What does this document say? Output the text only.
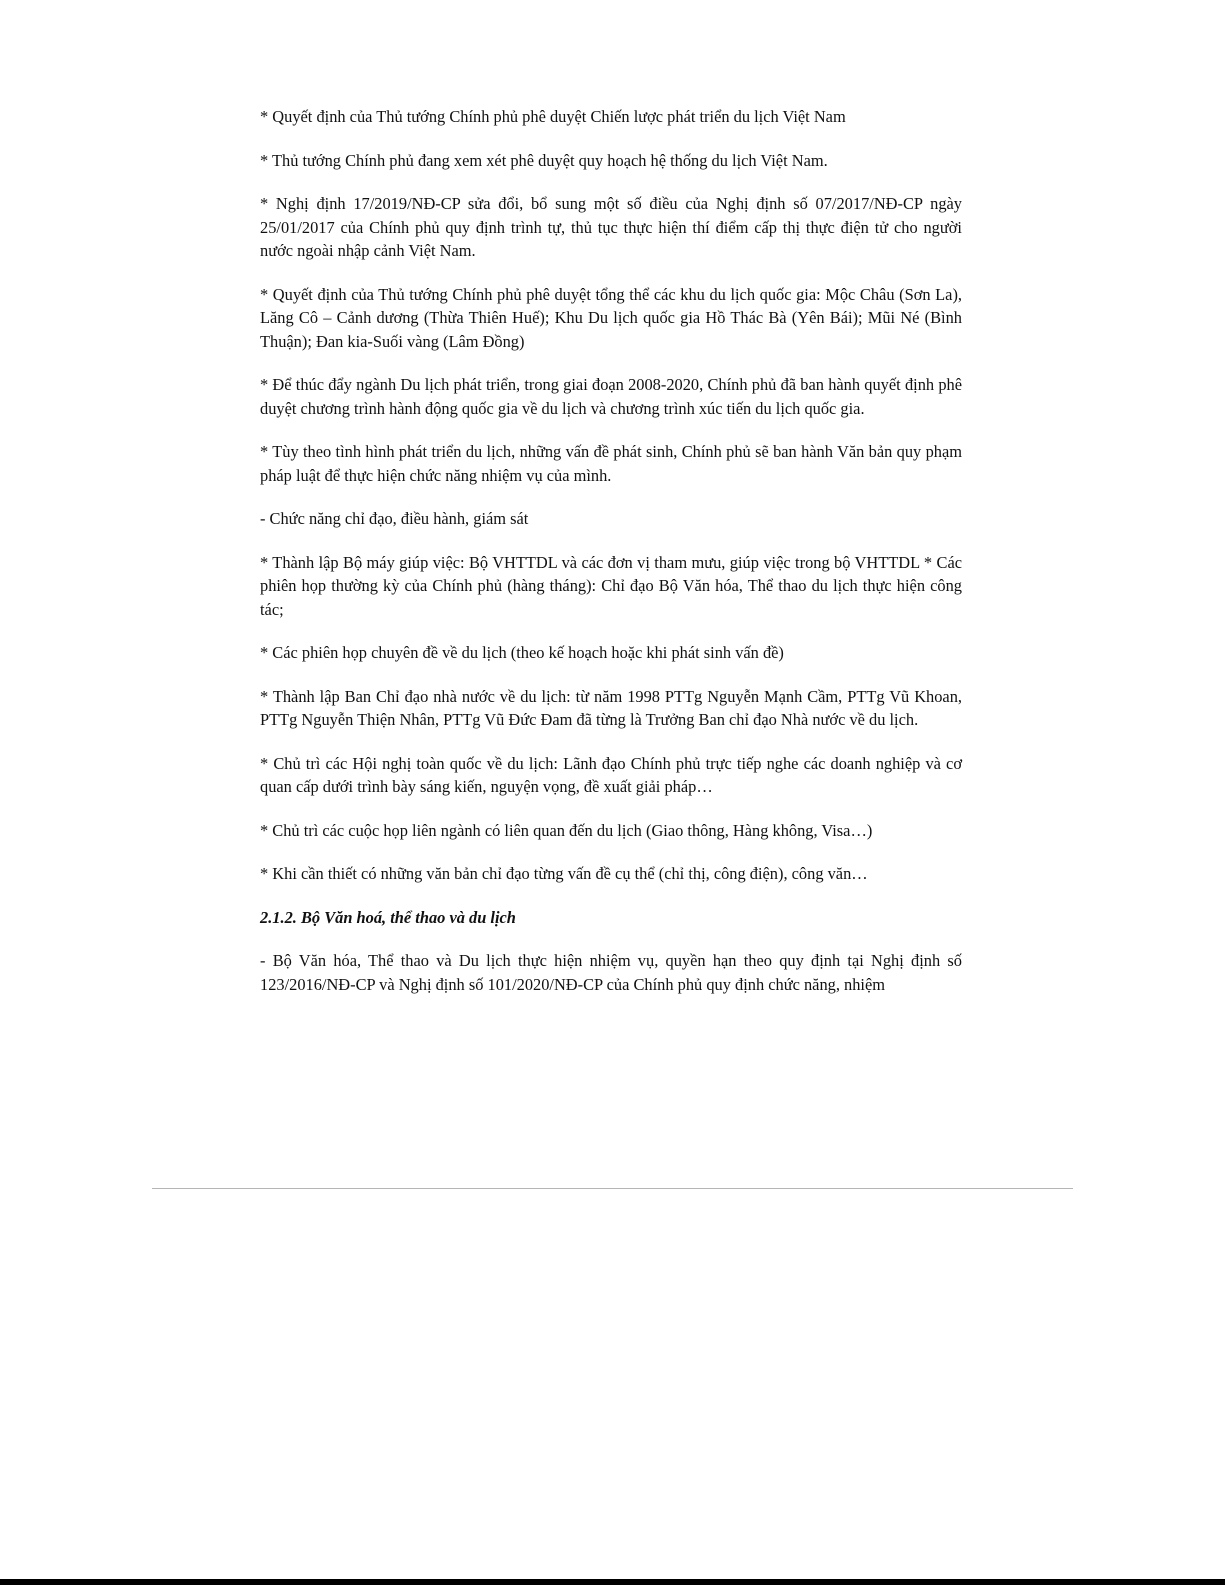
* Quyết định của Thủ tướng Chính phủ phê duyệt Chiến lược phát triển du lịch Việt Nam

* Thủ tướng Chính phủ đang xem xét phê duyệt quy hoạch hệ thống du lịch Việt Nam.

* Nghị định 17/2019/NĐ-CP sửa đổi, bổ sung một số điều của Nghị định số 07/2017/NĐ-CP ngày 25/01/2017 của Chính phủ quy định trình tự, thủ tục thực hiện thí điểm cấp thị thực điện tử cho người nước ngoài nhập cảnh Việt Nam.

* Quyết định của Thủ tướng Chính phủ phê duyệt tổng thể các khu du lịch quốc gia: Mộc Châu (Sơn La), Lăng Cô – Cảnh dương (Thừa Thiên Huế); Khu Du lịch quốc gia Hồ Thác Bà (Yên Bái); Mũi Né (Bình Thuận); Đan kia-Suối vàng (Lâm Đồng)

* Để thúc đẩy ngành Du lịch phát triển, trong giai đoạn 2008-2020, Chính phủ đã ban hành quyết định phê duyệt chương trình hành động quốc gia về du lịch và chương trình xúc tiến du lịch quốc gia.

* Tùy theo tình hình phát triển du lịch, những vấn đề phát sinh, Chính phủ sẽ ban hành Văn bản quy phạm pháp luật để thực hiện chức năng nhiệm vụ của mình.

- Chức năng chỉ đạo, điều hành, giám sát

* Thành lập Bộ máy giúp việc: Bộ VHTTDL và các đơn vị tham mưu, giúp việc trong bộ VHTTDL * Các phiên họp thường kỳ của Chính phủ (hàng tháng): Chỉ đạo Bộ Văn hóa, Thể thao du lịch thực hiện công tác;

* Các phiên họp chuyên đề về du lịch (theo kế hoạch hoặc khi phát sinh vấn đề)

* Thành lập Ban Chỉ đạo nhà nước về du lịch: từ năm 1998 PTTg Nguyễn Mạnh Cầm, PTTg Vũ Khoan, PTTg Nguyễn Thiện Nhân, PTTg Vũ Đức Đam đã từng là Trưởng Ban chỉ đạo Nhà nước về du lịch.

* Chủ trì các Hội nghị toàn quốc về du lịch: Lãnh đạo Chính phủ trực tiếp nghe các doanh nghiệp và cơ quan cấp dưới trình bày sáng kiến, nguyện vọng, đề xuất giải pháp…

* Chủ trì các cuộc họp liên ngành có liên quan đến du lịch (Giao thông, Hàng không, Visa…)

* Khi cần thiết có những văn bản chỉ đạo từng vấn đề cụ thể (chỉ thị, công điện), công văn…

2.1.2. Bộ Văn hoá, thể thao và du lịch

- Bộ Văn hóa, Thể thao và Du lịch thực hiện nhiệm vụ, quyền hạn theo quy định tại Nghị định số 123/2016/NĐ-CP và Nghị định số 101/2020/NĐ-CP của Chính phủ quy định chức năng, nhiệm
